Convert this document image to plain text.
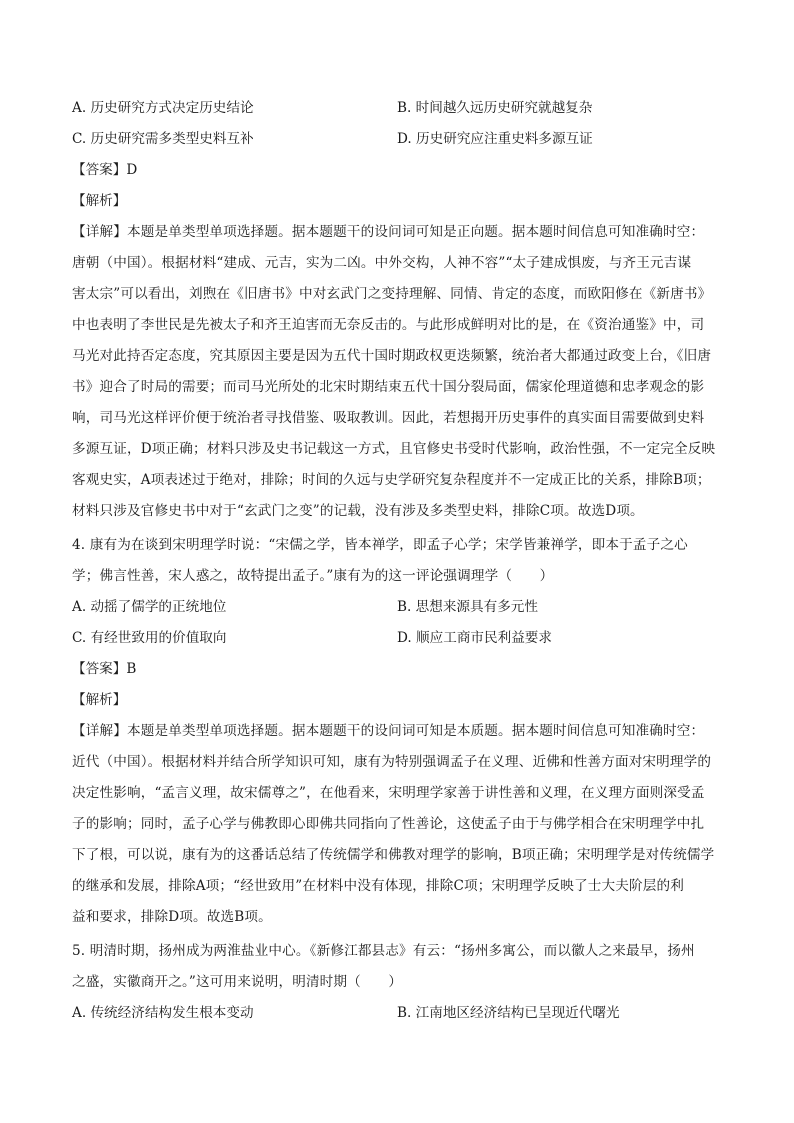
A. 历史研究方式决定历史结论	B. 时间越久远历史研究就越复杂
C. 历史研究需多类型史料互补	D. 历史研究应注重史料多源互证
【答案】D
【解析】
【详解】本题是单类型单项选择题。据本题题干的设问词可知是正向题。据本题时间信息可知准确时空：
唐朝（中国）。根据材料“建成、元吉，实为二凶。中外交构，人神不容”“太子建成惧废，与齐王元吉谋
害太宗”可以看出，刘煦在《旧唐书》中对玄武门之变持理解、同情、肯定的态度，而欧阳修在《新唐书》
中也表明了李世民是先被太子和齐王迫害而无奈反击的。与此形成鲜明对比的是，在《资治通鉴》中，司
马光对此持否定态度，究其原因主要是因为五代十国时期政权更迭频繁，统治者大都通过政变上台，《旧唐
书》迎合了时局的需要；而司马光所处的北宋时期结束五代十国分裂局面，儒家伦理道德和忠孝观念的影
响，司马光这样评价便于统治者寻找借鉴、吸取教训。因此，若想揭开历史事件的真实面目需要做到史料
多源互证，D项正确；材料只涉及史书记载这一方式，且官修史书受时代影响，政治性强，不一定完全反映
客观史实，A项表述过于绝对，排除；时间的久远与史学研究复杂程度并不一定成正比的关系，排除B项；
材料只涉及官修史书中对于“玄武门之变”的记载，没有涉及多类型史料，排除C项。故选D项。
4. 康有为在谈到宋明理学时说：“宋儒之学，皆本禅学，即孟子心学；宋学皆兼禅学，即本于孟子之心
学；佛言性善，宋人惑之，故特提出孟子。”康有为的这一评论强调理学（　　）
A. 动摇了儒学的正统地位	B. 思想来源具有多元性
C. 有经世致用的价值取向	D. 顺应工商市民利益要求
【答案】B
【解析】
【详解】本题是单类型单项选择题。据本题题干的设问词可知是本质题。据本题时间信息可知准确时空：
近代（中国）。根据材料并结合所学知识可知，康有为特别强调孟子在义理、近佛和性善方面对宋明理学的
决定性影响，“孟言义理，故宋儒尊之”，在他看来，宋明理学家善于讲性善和义理，在义理方面则深受孟
子的影响；同时，孟子心学与佛教即心即佛共同指向了性善论，这使孟子由于与佛学相合在宋明理学中扎
下了根，可以说，康有为的这番话总结了传统儒学和佛教对理学的影响，B项正确；宋明理学是对传统儒学
的继承和发展，排除A项；“经世致用”在材料中没有体现，排除C项；宋明理学反映了士大夫阶层的利
益和要求，排除D项。故选B项。
5. 明清时期，扬州成为两淮盐业中心。《新修江都县志》有云：“扬州多寓公，而以徽人之来最早，扬州
之盛，实徽商开之。”这可用来说明，明清时期（　　）
A. 传统经济结构发生根本变动	B. 江南地区经济结构已呈现近代曙光
